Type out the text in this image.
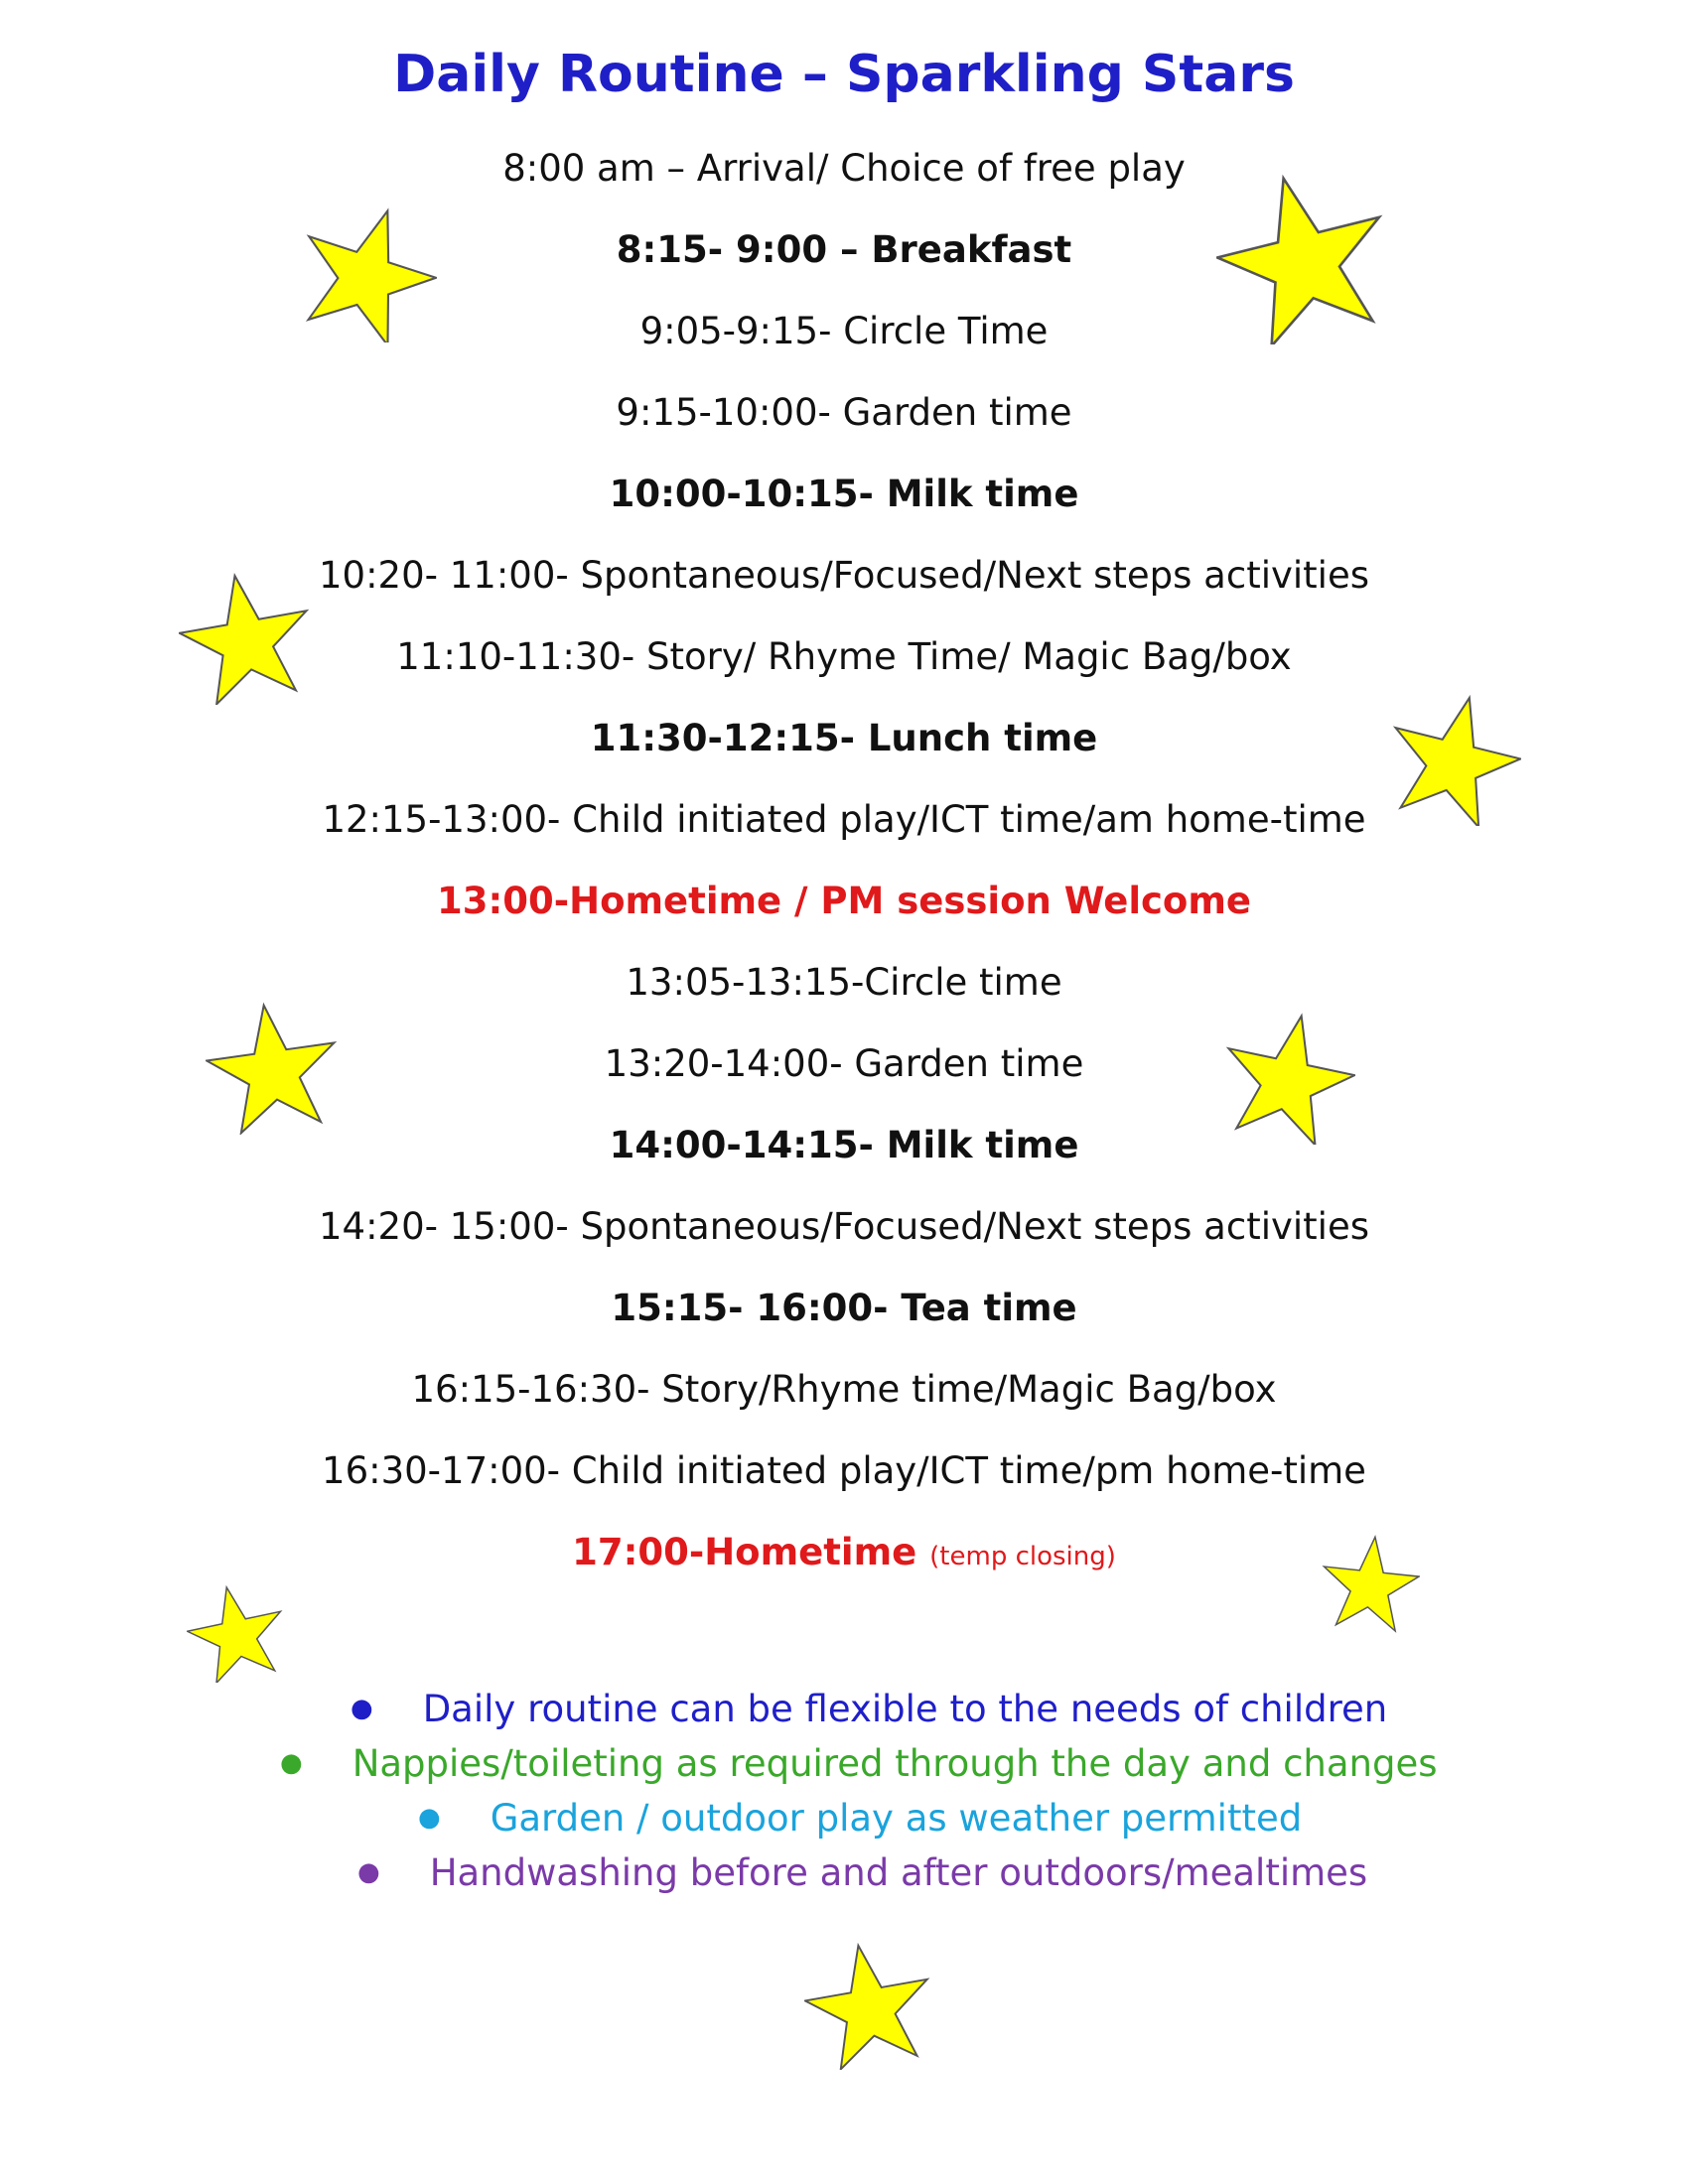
Daily Routine – Sparkling Stars
8:00 am – Arrival/ Choice of free play
8:15- 9:00 – Breakfast
9:05-9:15- Circle Time
9:15-10:00- Garden time
10:00-10:15- Milk time
10:20- 11:00- Spontaneous/Focused/Next steps activities
11:10-11:30- Story/ Rhyme Time/ Magic Bag/box
11:30-12:15- Lunch time
12:15-13:00- Child initiated play/ICT time/am home-time
13:00-Hometime / PM session Welcome
13:05-13:15-Circle time
13:20-14:00- Garden time
14:00-14:15- Milk time
14:20- 15:00- Spontaneous/Focused/Next steps activities
15:15- 16:00- Tea time
16:15-16:30- Story/Rhyme time/Magic Bag/box
16:30-17:00- Child initiated play/ICT time/pm home-time
17:00-Hometime (temp closing)
● Daily routine can be flexible to the needs of children
● Nappies/toileting as required through the day and changes
● Garden / outdoor play as weather permitted
● Handwashing before and after outdoors/mealtimes
